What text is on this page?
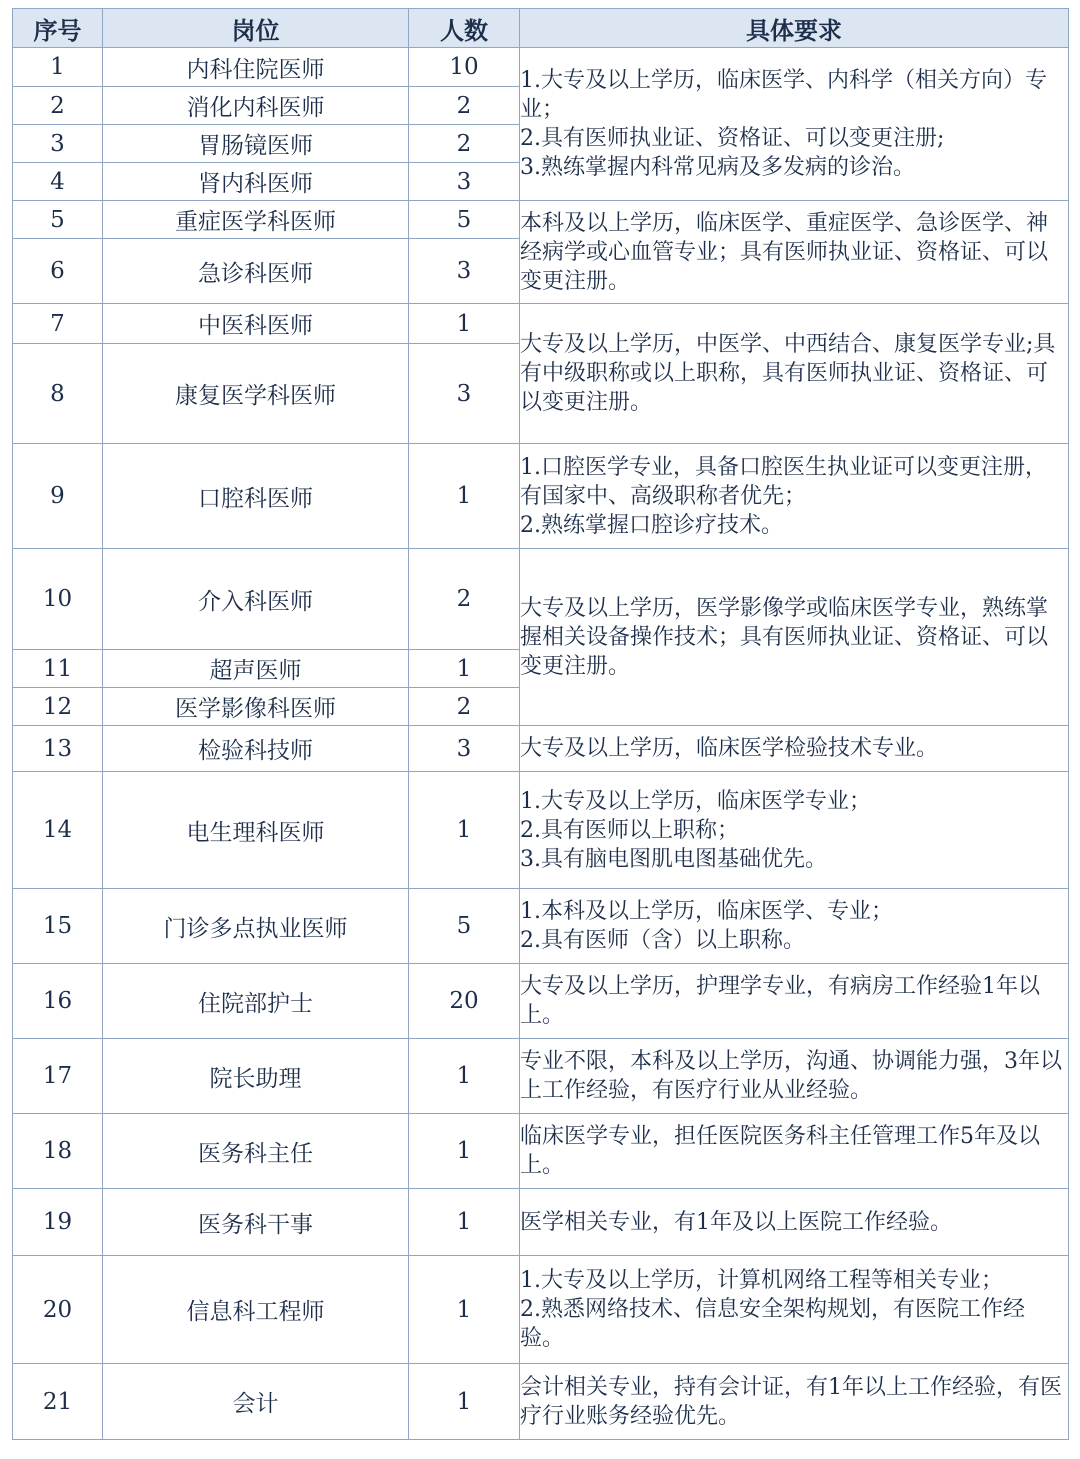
序号	岗位	人数	具体要求
1	内科住院医师	10	1.大专及以上学历，临床医学、内科学（相关方向）专业；
2.具有医师执业证、资格证、可以变更注册;
3.熟练掌握内科常见病及多发病的诊治。
2	消化内科医师	2	
3	胃肠镜医师	2	
4	肾内科医师	3	
5	重症医学科医师	5	本科及以上学历，临床医学、重症医学、急诊医学、神经病学或心血管专业；具有医师执业证、资格证、可以变更注册。
6	急诊科医师	3	
7	中医科医师	1	大专及以上学历，中医学、中西结合、康复医学专业;具有中级职称或以上职称，具有医师执业证、资格证、可以变更注册。
8	康复医学科医师	3	
9	口腔科医师	1	1.口腔医学专业，具备口腔医生执业证可以变更注册，有国家中、高级职称者优先；
2.熟练掌握口腔诊疗技术。
10	介入科医师	2	大专及以上学历，医学影像学或临床医学专业，熟练掌握相关设备操作技术；具有医师执业证、资格证、可以变更注册。
11	超声医师	1	
12	医学影像科医师	2	
13	检验科技师	3	大专及以上学历，临床医学检验技术专业。
14	电生理科医师	1	1.大专及以上学历，临床医学专业；
2.具有医师以上职称；
3.具有脑电图肌电图基础优先。
15	门诊多点执业医师	5	1.本科及以上学历，临床医学、专业；
2.具有医师（含）以上职称。
16	住院部护士	20	大专及以上学历，护理学专业，有病房工作经验1年以上。
17	院长助理	1	专业不限，本科及以上学历，沟通、协调能力强，3年以上工作经验，有医疗行业从业经验。
18	医务科主任	1	临床医学专业，担任医院医务科主任管理工作5年及以上。
19	医务科干事	1	医学相关专业，有1年及以上医院工作经验。
20	信息科工程师	1	1.大专及以上学历，计算机网络工程等相关专业；
2.熟悉网络技术、信息安全架构规划，有医院工作经验。
21	会计	1	会计相关专业，持有会计证，有1年以上工作经验，有医疗行业账务经验优先。
